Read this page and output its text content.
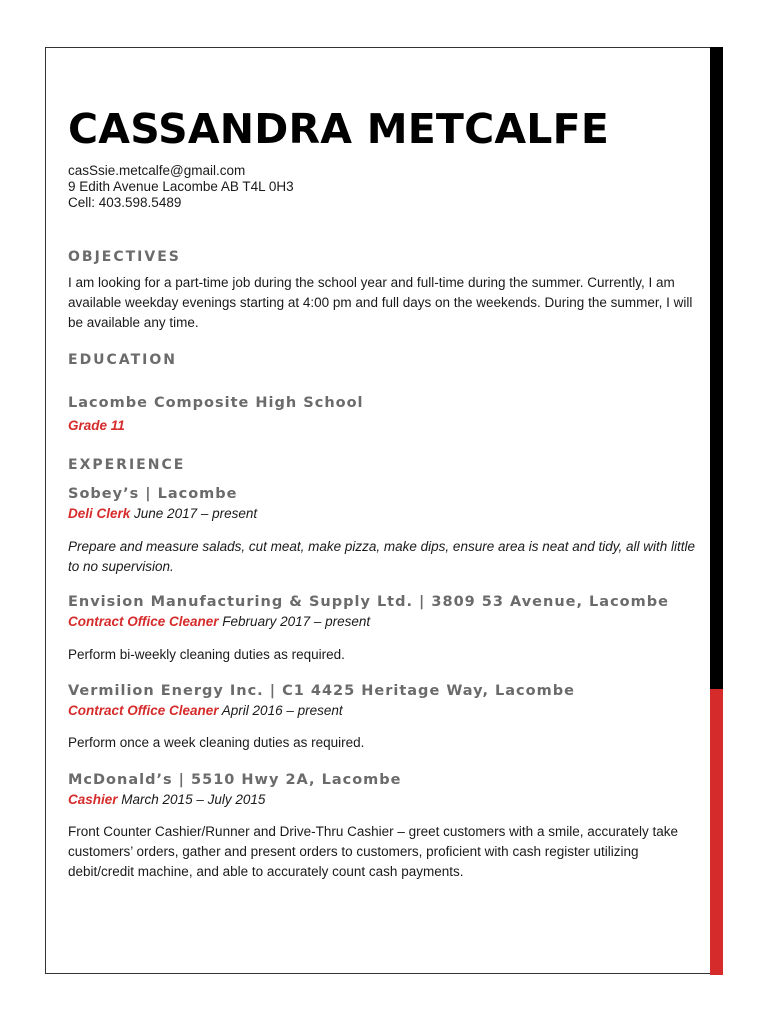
CASSANDRA METCALFE
casSsie.metcalfe@gmail.com
9 Edith Avenue Lacombe AB T4L 0H3
Cell: 403.598.5489
OBJECTIVES
I am looking for a part-time job during the school year and full-time during the summer. Currently, I am available weekday evenings starting at 4:00 pm and full days on the weekends. During the summer, I will be available any time.
EDUCATION
Lacombe Composite High School
Grade 11
EXPERIENCE
Sobey’s | Lacombe
Deli Clerk June 2017 – present
Prepare and measure salads, cut meat, make pizza, make dips, ensure area is neat and tidy, all with little to no supervision.
Envision Manufacturing & Supply Ltd. | 3809 53 Avenue, Lacombe
Contract Office Cleaner February 2017 – present
Perform bi-weekly cleaning duties as required.
Vermilion Energy Inc. | C1 4425 Heritage Way, Lacombe
Contract Office Cleaner April 2016 – present
Perform once a week cleaning duties as required.
McDonald’s | 5510 Hwy 2A, Lacombe
Cashier March 2015 – July 2015
Front Counter Cashier/Runner and Drive-Thru Cashier – greet customers with a smile, accurately take customers’ orders, gather and present orders to customers, proficient with cash register utilizing debit/credit machine, and able to accurately count cash payments.
